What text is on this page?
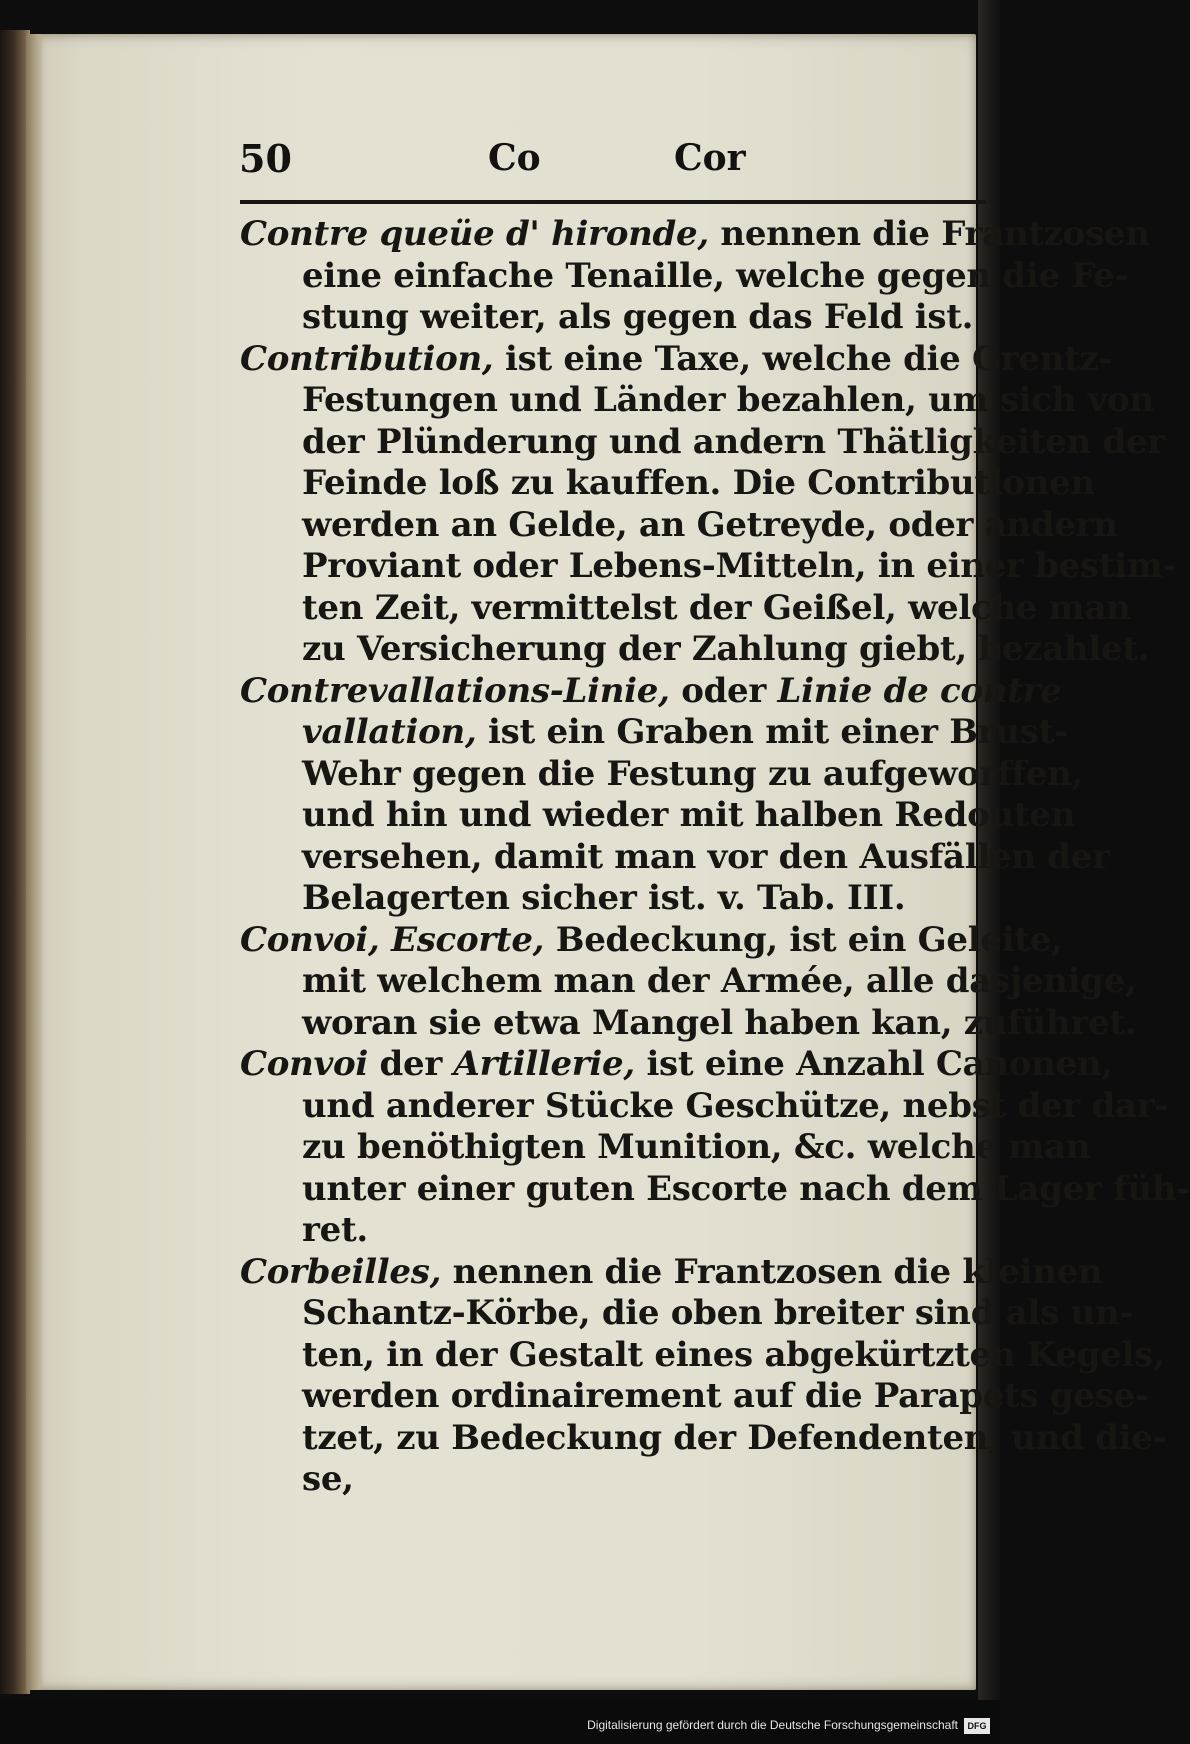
50	Co	Cor
Contre queüe d' hironde, nennen die Frantzosen
eine einfache Tenaille, welche gegen die Fe-
stung weiter, als gegen das Feld ist.
Contribution, ist eine Taxe, welche die Grentz-
Festungen und Länder bezahlen, um sich von
der Plünderung und andern Thätligkeiten der
Feinde loß zu kauffen. Die Contributionen
werden an Gelde, an Getreyde, oder andern
Proviant oder Lebens-Mitteln, in einer bestim-
ten Zeit, vermittelst der Geißel, welche man
zu Versicherung der Zahlung giebt, bezahlet.
Contrevallations-Linie, oder Linie de contre
vallation, ist ein Graben mit einer Brust-
Wehr gegen die Festung zu aufgeworffen,
und hin und wieder mit halben Redouten
versehen, damit man vor den Ausfällen der
Belagerten sicher ist. v. Tab. III.
Convoi, Escorte, Bedeckung, ist ein Geleite,
mit welchem man der Armée, alle dasjenige,
woran sie etwa Mangel haben kan, zuführet.
Convoi der Artillerie, ist eine Anzahl Canonen,
und anderer Stücke Geschütze, nebst der dar-
zu benöthigten Munition, &c. welche man
unter einer guten Escorte nach dem Lager füh-
ret.
Corbeilles, nennen die Frantzosen die kleinen
Schantz-Körbe, die oben breiter sind als un-
ten, in der Gestalt eines abgekürtzten Kegels,
werden ordinairement auf die Parapets gese-
tzet, zu Bedeckung der Defendenten, und die-
se,
Digitalisierung gefördert durch die Deutsche Forschungsgemeinschaft	DFG
